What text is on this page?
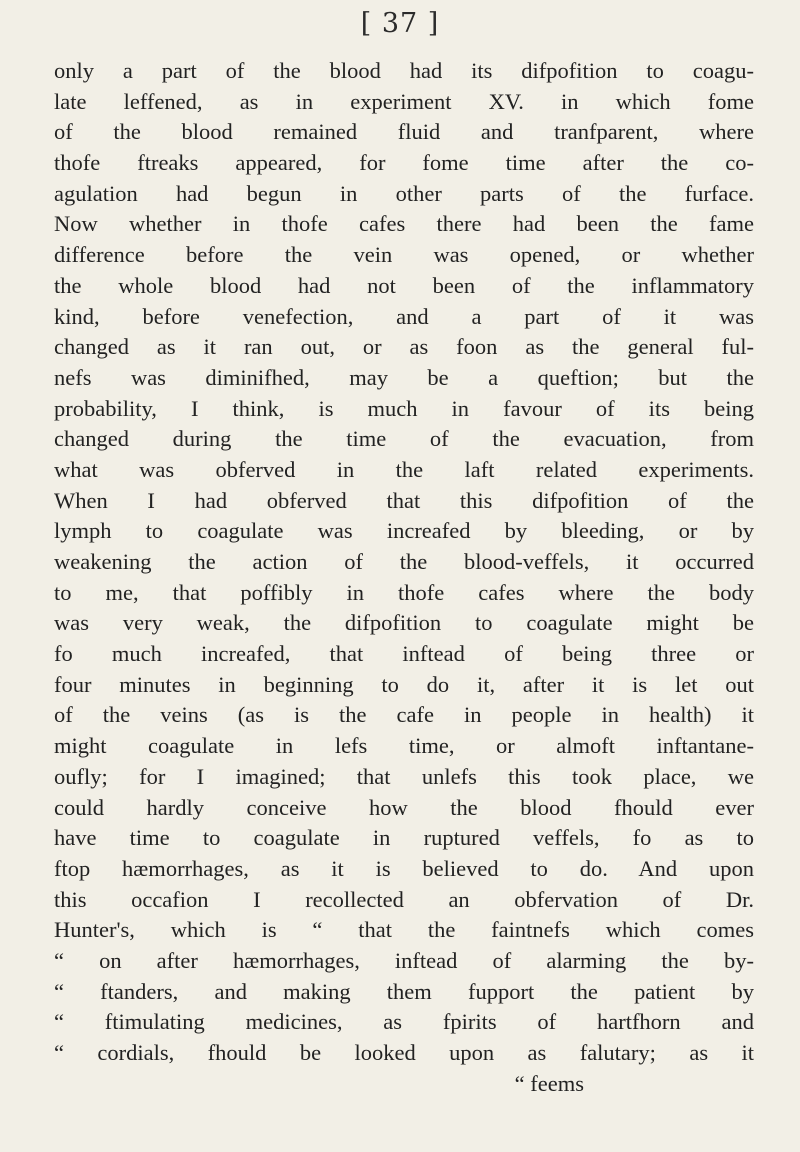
[ 37 ]
only a part of the blood had its difpofition to coagu-
late leffened, as in experiment XV. in which fome
of the blood remained fluid and tranfparent, where
thofe ftreaks appeared, for fome time after the co-
agulation had begun in other parts of the furface.
Now whether in thofe cafes there had been the fame
difference before the vein was opened, or whether
the whole blood had not been of the inflammatory
kind, before venefection, and a part of it was
changed as it ran out, or as foon as the general ful-
nefs was diminifhed, may be a queftion; but the
probability, I think, is much in favour of its being
changed during the time of the evacuation, from
what was obferved in the laft related experiments.
When I had obferved that this difpofition of the
lymph to coagulate was increafed by bleeding, or by
weakening the action of the blood-veffels, it occurred
to me, that poffibly in thofe cafes where the body
was very weak, the difpofition to coagulate might be
fo much increafed, that inftead of being three or
four minutes in beginning to do it, after it is let out
of the veins (as is the cafe in people in health) it
might coagulate in lefs time, or almoft inftantane-
oufly; for I imagined; that unlefs this took place, we
could hardly conceive how the blood fhould ever
have time to coagulate in ruptured veffels, fo as to
ftop hæmorrhages, as it is believed to do. And upon
this occafion I recollected an obfervation of Dr.
Hunter's, which is “ that the faintnefs which comes
“ on after hæmorrhages, inftead of alarming the by-
“ ftanders, and making them fupport the patient by
“ ftimulating medicines, as fpirits of hartfhorn and
“ cordials, fhould be looked upon as falutary; as it
“ feems
